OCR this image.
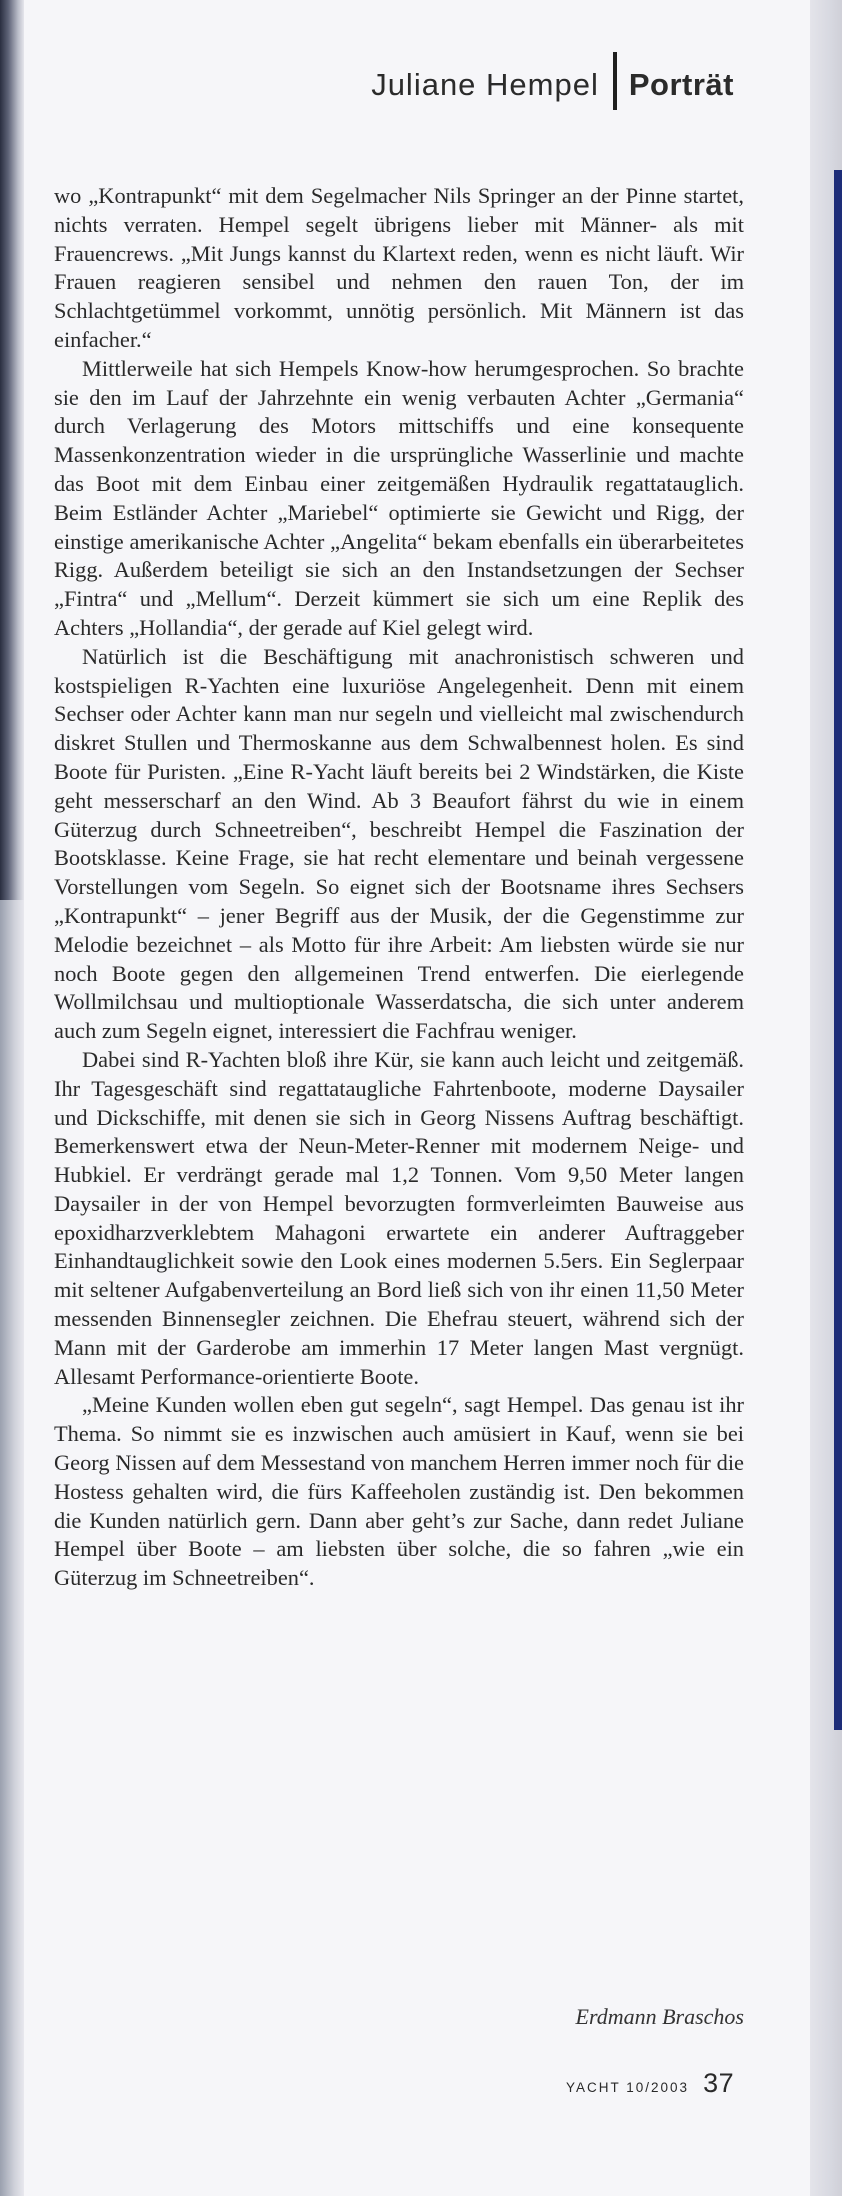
Juliane Hempel Porträt

wo „Kontrapunkt“ mit dem Segelmacher Nils Springer an der Pinne startet, nichts verraten. Hempel segelt übrigens lieber mit Männer- als mit Frauencrews. „Mit Jungs kannst du Klartext reden, wenn es nicht läuft. Wir Frauen reagieren sensibel und nehmen den rauen Ton, der im Schlachtgetümmel vorkommt, unnötig persönlich. Mit Männern ist das einfacher.“

Mittlerweile hat sich Hempels Know-how herumgesprochen. So brachte sie den im Lauf der Jahrzehnte ein wenig verbauten Achter „Germania“ durch Verlagerung des Motors mittschiffs und eine konsequente Massenkonzentration wieder in die ursprüngliche Wasserlinie und machte das Boot mit dem Einbau einer zeitgemäßen Hydraulik regattatauglich. Beim Estländer Achter „Mariebel“ optimierte sie Gewicht und Rigg, der einstige amerikanische Achter „Angelita“ bekam ebenfalls ein überarbeitetes Rigg. Außerdem beteiligt sie sich an den Instandsetzungen der Sechser „Fintra“ und „Mellum“. Derzeit kümmert sie sich um eine Replik des Achters „Hollandia“, der gerade auf Kiel gelegt wird.

Natürlich ist die Beschäftigung mit anachronistisch schweren und kostspieligen R-Yachten eine luxuriöse Angelegenheit. Denn mit einem Sechser oder Achter kann man nur segeln und vielleicht mal zwischendurch diskret Stullen und Thermoskanne aus dem Schwalbennest holen. Es sind Boote für Puristen. „Eine R-Yacht läuft bereits bei 2 Windstärken, die Kiste geht messerscharf an den Wind. Ab 3 Beaufort fährst du wie in einem Güterzug durch Schneetreiben“, beschreibt Hempel die Faszination der Bootsklasse. Keine Frage, sie hat recht elementare und beinah vergessene Vorstellungen vom Segeln. So eignet sich der Bootsname ihres Sechsers „Kontrapunkt“ – jener Begriff aus der Musik, der die Gegenstimme zur Melodie bezeichnet – als Motto für ihre Arbeit: Am liebsten würde sie nur noch Boote gegen den allgemeinen Trend entwerfen. Die eierlegende Wollmilchsau und multioptionale Wasserdatscha, die sich unter anderem auch zum Segeln eignet, interessiert die Fachfrau weniger.

Dabei sind R-Yachten bloß ihre Kür, sie kann auch leicht und zeitgemäß. Ihr Tagesgeschäft sind regattataugliche Fahrtenboote, moderne Daysailer und Dickschiffe, mit denen sie sich in Georg Nissens Auftrag beschäftigt. Bemerkenswert etwa der Neun-Meter-Renner mit modernem Neige- und Hubkiel. Er verdrängt gerade mal 1,2 Tonnen. Vom 9,50 Meter langen Daysailer in der von Hempel bevorzugten formverleimten Bauweise aus epoxidharzverklebtem Mahagoni erwartete ein anderer Auftraggeber Einhandtauglichkeit sowie den Look eines modernen 5.5ers. Ein Seglerpaar mit seltener Aufgabenverteilung an Bord ließ sich von ihr einen 11,50 Meter messenden Binnensegler zeichnen. Die Ehefrau steuert, während sich der Mann mit der Garderobe am immerhin 17 Meter langen Mast vergnügt. Allesamt Performance-orientierte Boote.

„Meine Kunden wollen eben gut segeln“, sagt Hempel. Das genau ist ihr Thema. So nimmt sie es inzwischen auch amüsiert in Kauf, wenn sie bei Georg Nissen auf dem Messestand von manchem Herren immer noch für die Hostess gehalten wird, die fürs Kaffeeholen zuständig ist. Den bekommen die Kunden natürlich gern. Dann aber geht’s zur Sache, dann redet Juliane Hempel über Boote – am liebsten über solche, die so fahren „wie ein Güterzug im Schneetreiben“.

Erdmann Braschos
YACHT 10/2003 37
